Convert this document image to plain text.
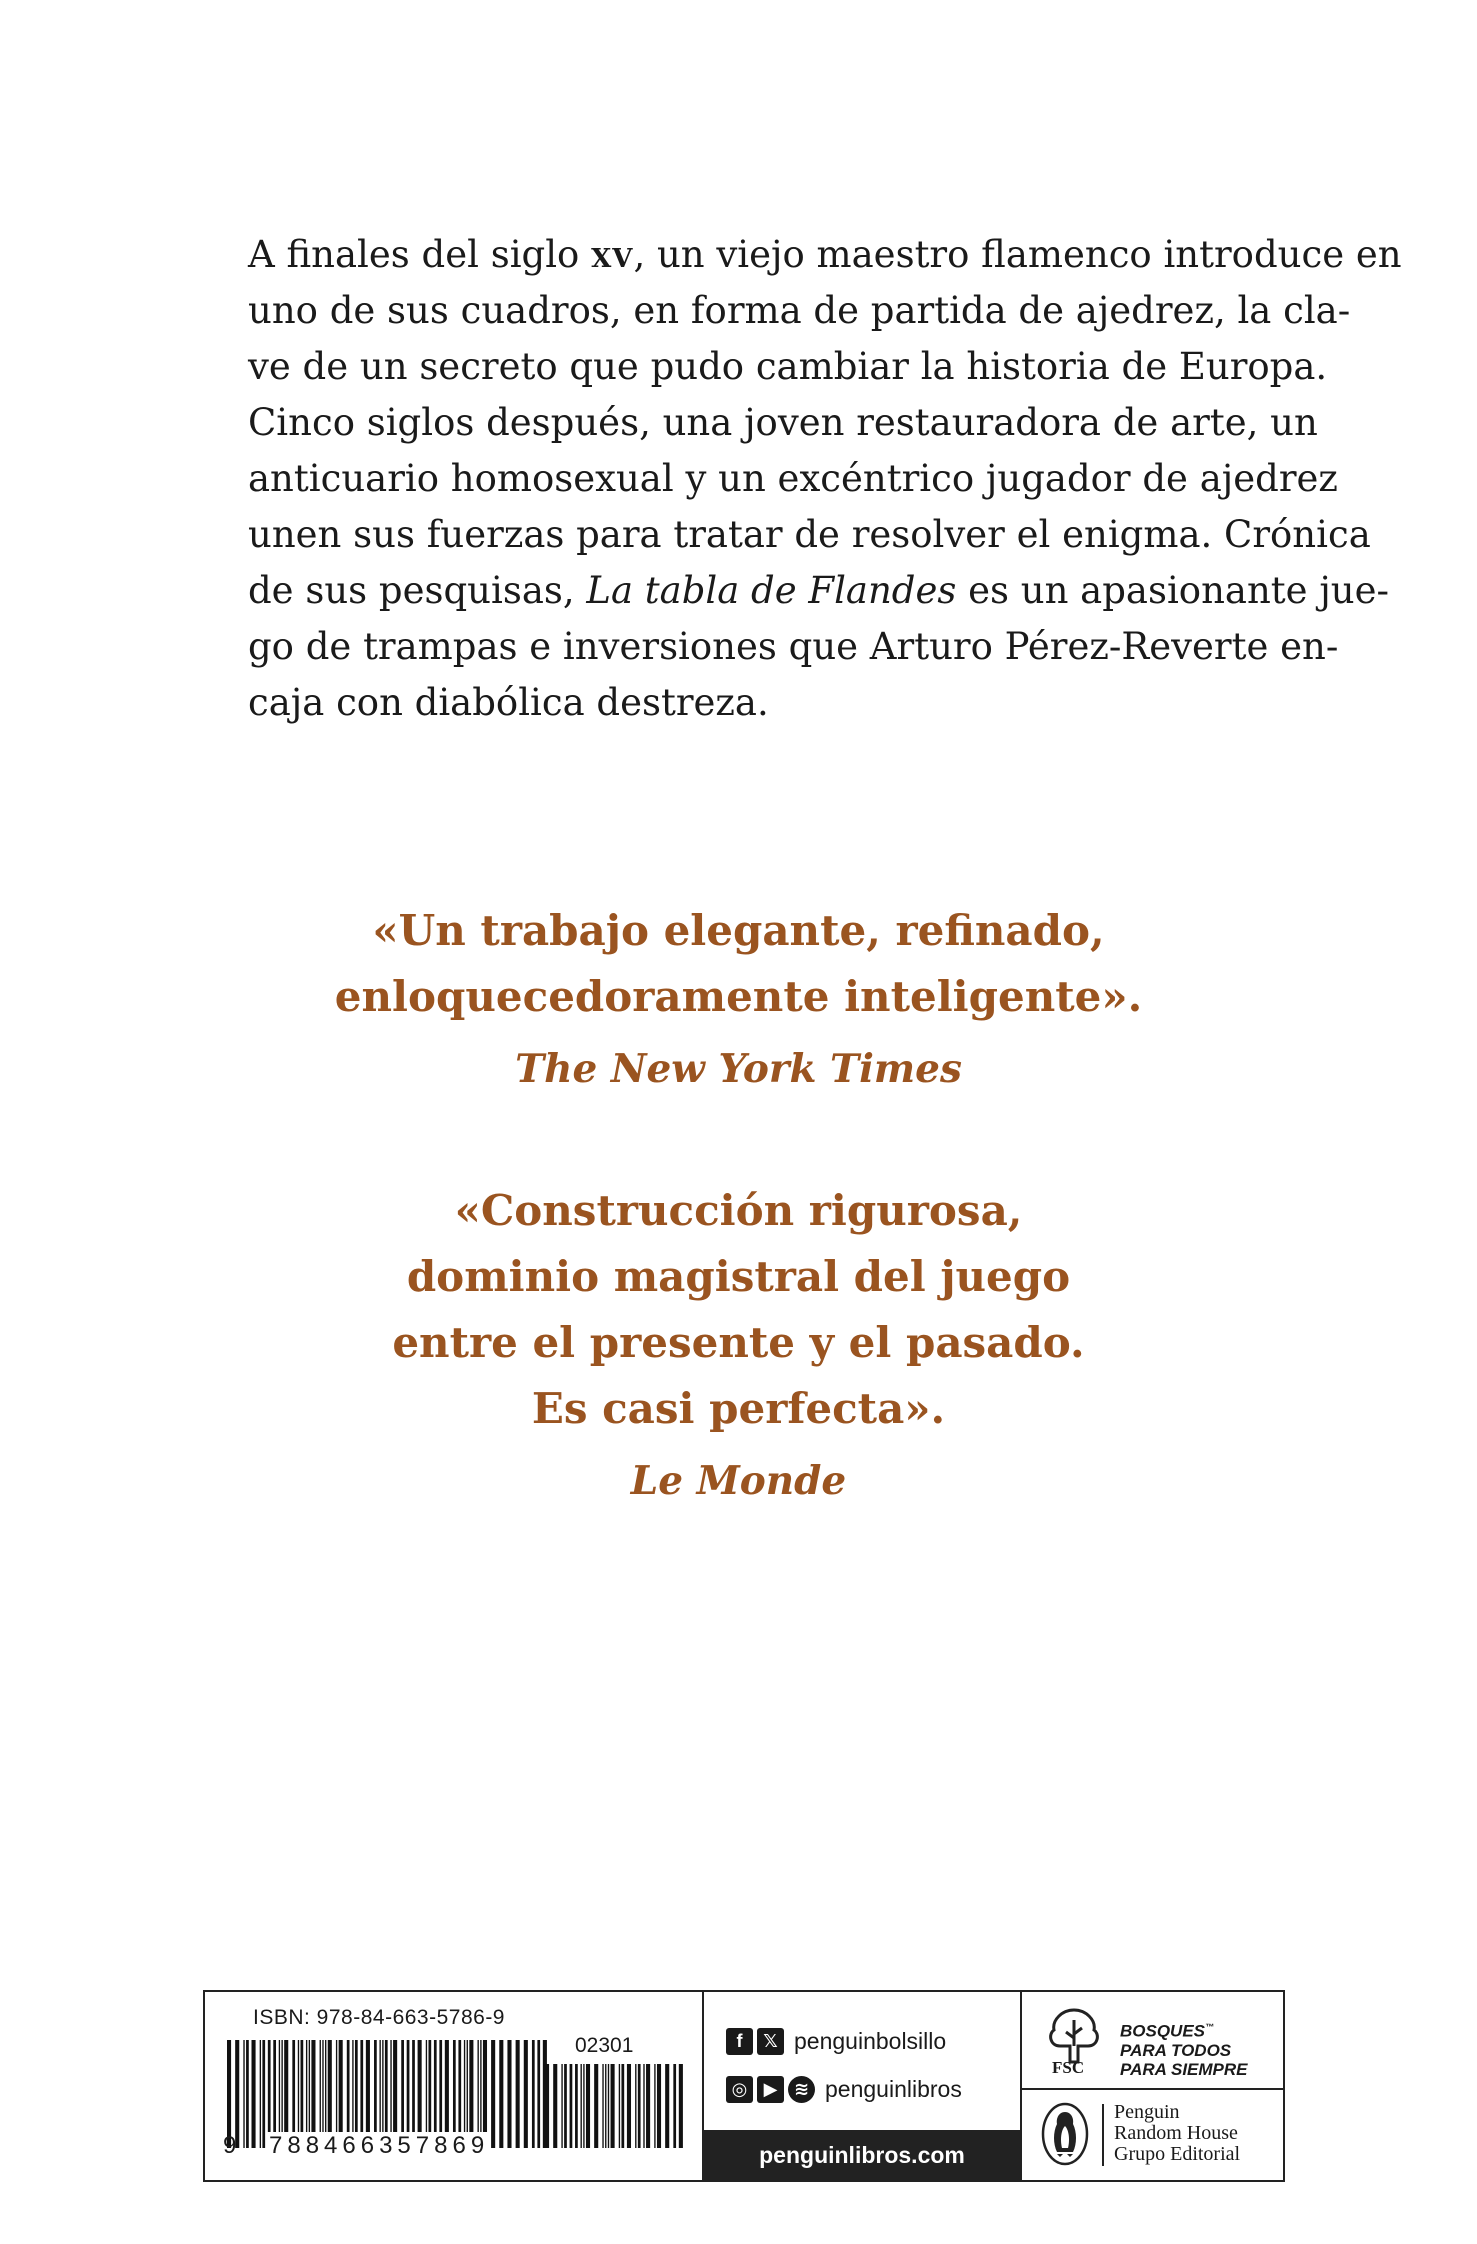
A finales del siglo xv, un viejo maestro flamenco introduce en
uno de sus cuadros, en forma de partida de ajedrez, la cla-
ve de un secreto que pudo cambiar la historia de Europa.
Cinco siglos después, una joven restauradora de arte, un
anticuario homosexual y un excéntrico jugador de ajedrez
unen sus fuerzas para tratar de resolver el enigma. Crónica
de sus pesquisas, La tabla de Flandes es un apasionante jue-
go de trampas e inversiones que Arturo Pérez-Reverte en-
caja con diabólica destreza.
«Un trabajo elegante, refinado,
enloquecedoramente inteligente».
The New York Times
«Construcción rigurosa,
dominio magistral del juego
entre el presente y el pasado.
Es casi perfecta».
Le Monde
ISBN: 978-84-663-5786-9
02301
9 788466357869
f	𝕏 penguinbolsillo
◎ ▶ ≋ penguinlibros
penguinlibros.com
FSC
BOSQUES™
PARA TODOS
PARA SIEMPRE
Penguin
Random House
Grupo Editorial
